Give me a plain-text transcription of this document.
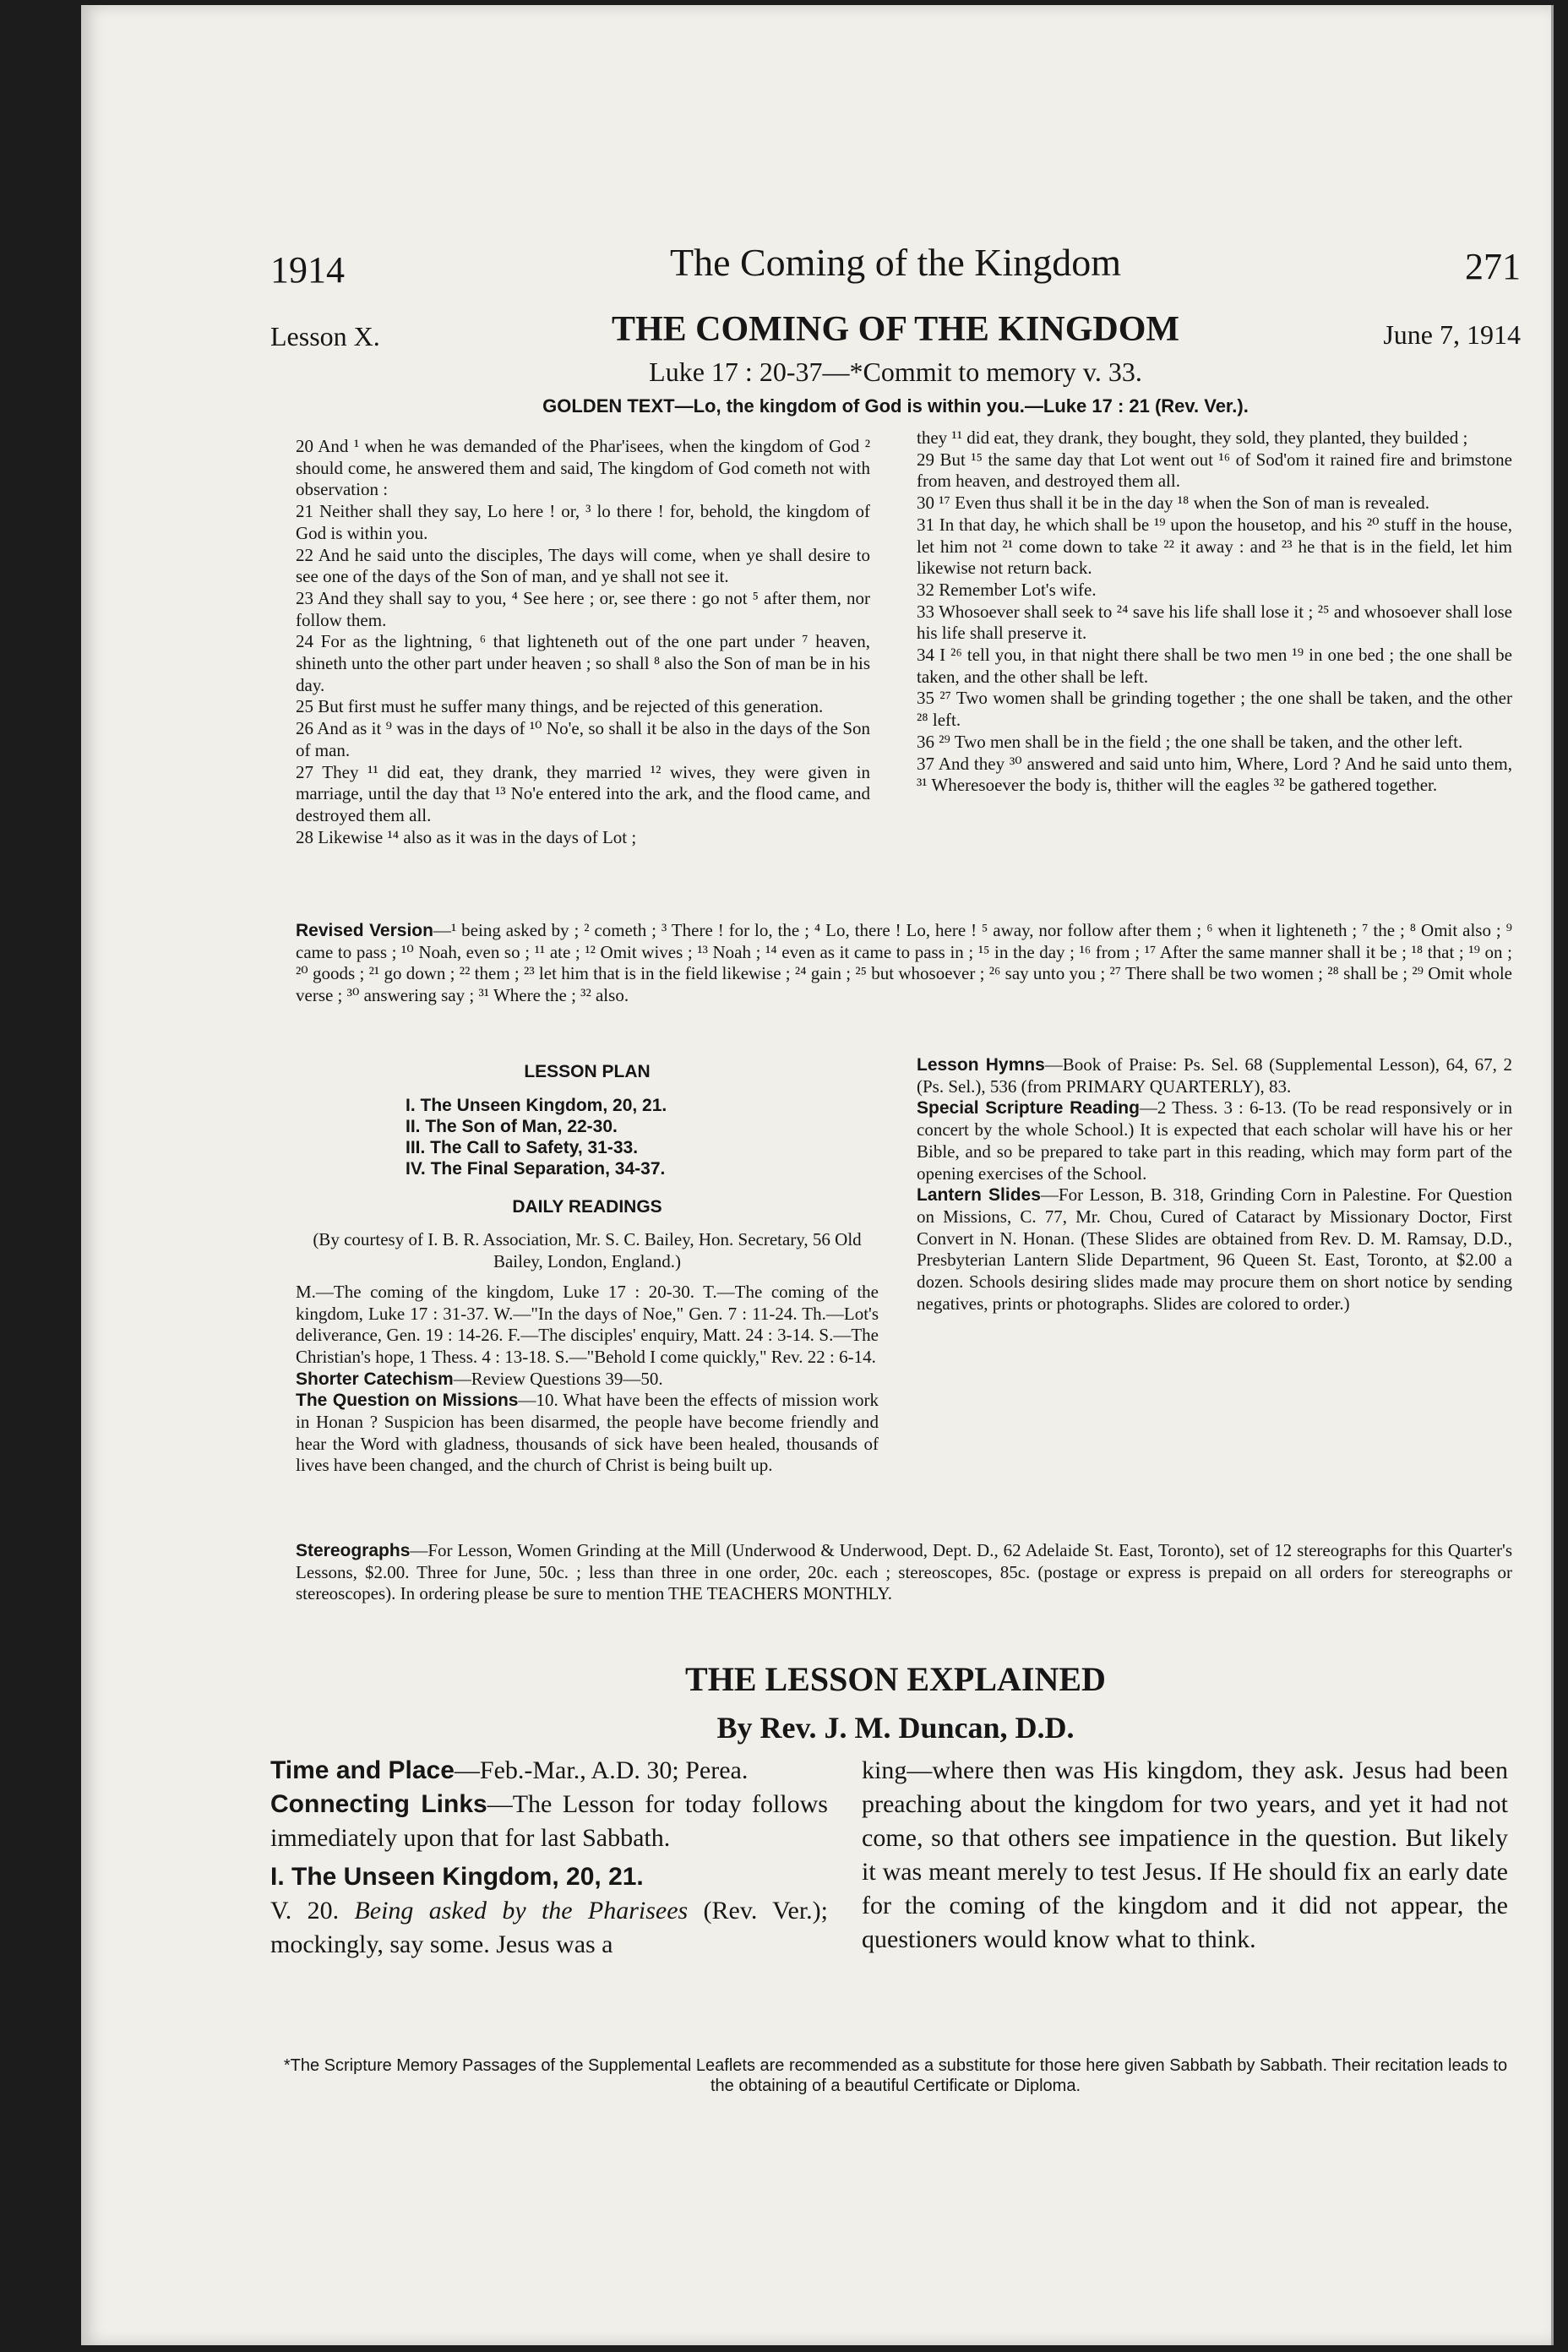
1914	The Coming of the Kingdom	271
Lesson X.	THE COMING OF THE KINGDOM	June 7, 1914
Luke 17 : 20-37—*Commit to memory v. 33.
GOLDEN TEXT—Lo, the kingdom of God is within you.—Luke 17 : 21 (Rev. Ver.).

20 And ¹ when he was demanded of the Phar'isees, when the kingdom of God ² should come, he answered them and said, The kingdom of God cometh not with observation :

21 Neither shall they say, Lo here ! or, ³ lo there ! for, behold, the kingdom of God is within you.

22 And he said unto the disciples, The days will come, when ye shall desire to see one of the days of the Son of man, and ye shall not see it.

23 And they shall say to you, ⁴ See here ; or, see there : go not ⁵ after them, nor follow them.

24 For as the lightning, ⁶ that lighteneth out of the one part under ⁷ heaven, shineth unto the other part under heaven ; so shall ⁸ also the Son of man be in his day.

25 But first must he suffer many things, and be rejected of this generation.

26 And as it ⁹ was in the days of ¹⁰ No'e, so shall it be also in the days of the Son of man.

27 They ¹¹ did eat, they drank, they married ¹² wives, they were given in marriage, until the day that ¹³ No'e entered into the ark, and the flood came, and destroyed them all.

28 Likewise ¹⁴ also as it was in the days of Lot ;

they ¹¹ did eat, they drank, they bought, they sold, they planted, they builded ;

29 But ¹⁵ the same day that Lot went out ¹⁶ of Sod'om it rained fire and brimstone from heaven, and destroyed them all.

30 ¹⁷ Even thus shall it be in the day ¹⁸ when the Son of man is revealed.

31 In that day, he which shall be ¹⁹ upon the housetop, and his ²⁰ stuff in the house, let him not ²¹ come down to take ²² it away : and ²³ he that is in the field, let him likewise not return back.

32 Remember Lot's wife.

33 Whosoever shall seek to ²⁴ save his life shall lose it ; ²⁵ and whosoever shall lose his life shall preserve it.

34 I ²⁶ tell you, in that night there shall be two men ¹⁹ in one bed ; the one shall be taken, and the other shall be left.

35 ²⁷ Two women shall be grinding together ; the one shall be taken, and the other ²⁸ left.

36 ²⁹ Two men shall be in the field ; the one shall be taken, and the other left.

37 And they ³⁰ answered and said unto him, Where, Lord ? And he said unto them, ³¹ Wheresoever the body is, thither will the eagles ³² be gathered together.

Revised Version—¹ being asked by ; ² cometh ; ³ There ! for lo, the ; ⁴ Lo, there ! Lo, here ! ⁵ away, nor follow after them ; ⁶ when it lighteneth ; ⁷ the ; ⁸ Omit also ; ⁹ came to pass ; ¹⁰ Noah, even so ; ¹¹ ate ; ¹² Omit wives ; ¹³ Noah ; ¹⁴ even as it came to pass in ; ¹⁵ in the day ; ¹⁶ from ; ¹⁷ After the same manner shall it be ; ¹⁸ that ; ¹⁹ on ; ²⁰ goods ; ²¹ go down ; ²² them ; ²³ let him that is in the field likewise ; ²⁴ gain ; ²⁵ but whosoever ; ²⁶ say unto you ; ²⁷ There shall be two women ; ²⁸ shall be ; ²⁹ Omit whole verse ; ³⁰ answering say ; ³¹ Where the ; ³² also.
LESSON PLAN
I. The Unseen Kingdom, 20, 21.
II. The Son of Man, 22-30.
III. The Call to Safety, 31-33.
IV. The Final Separation, 34-37.
DAILY READINGS

(By courtesy of I. B. R. Association, Mr. S. C. Bailey, Hon. Secretary, 56 Old Bailey, London, England.)

M.—The coming of the kingdom, Luke 17 : 20-30. T.—The coming of the kingdom, Luke 17 : 31-37. W.—"In the days of Noe," Gen. 7 : 11-24. Th.—Lot's deliverance, Gen. 19 : 14-26. F.—The disciples' enquiry, Matt. 24 : 3-14. S.—The Christian's hope, 1 Thess. 4 : 13-18. S.—"Behold I come quickly," Rev. 22 : 6-14.

Shorter Catechism—Review Questions 39—50.

The Question on Missions—10. What have been the effects of mission work in Honan ? Suspicion has been disarmed, the people have become friendly and hear the Word with gladness, thousands of sick have been healed, thousands of lives have been changed, and the church of Christ is being built up.

Lesson Hymns—Book of Praise: Ps. Sel. 68 (Supplemental Lesson), 64, 67, 2 (Ps. Sel.), 536 (from PRIMARY QUARTERLY), 83.

Special Scripture Reading—2 Thess. 3 : 6-13. (To be read responsively or in concert by the whole School.) It is expected that each scholar will have his or her Bible, and so be prepared to take part in this reading, which may form part of the opening exercises of the School.

Lantern Slides—For Lesson, B. 318, Grinding Corn in Palestine. For Question on Missions, C. 77, Mr. Chou, Cured of Cataract by Missionary Doctor, First Convert in N. Honan. (These Slides are obtained from Rev. D. M. Ramsay, D.D., Presbyterian Lantern Slide Department, 96 Queen St. East, Toronto, at $2.00 a dozen. Schools desiring slides made may procure them on short notice by sending negatives, prints or photographs. Slides are colored to order.)

Stereographs—For Lesson, Women Grinding at the Mill (Underwood & Underwood, Dept. D., 62 Adelaide St. East, Toronto), set of 12 stereographs for this Quarter's Lessons, $2.00. Three for June, 50c. ; less than three in one order, 20c. each ; stereoscopes, 85c. (postage or express is prepaid on all orders for stereographs or stereoscopes). In ordering please be sure to mention THE TEACHERS MONTHLY.
THE LESSON EXPLAINED
By Rev. J. M. Duncan, D.D.

Time and Place—Feb.-Mar., A.D. 30; Perea.

Connecting Links—The Lesson for today follows immediately upon that for last Sabbath.

I. The Unseen Kingdom, 20, 21.

V. 20. Being asked by the Pharisees (Rev. Ver.); mockingly, say some. Jesus was a

king—where then was His kingdom, they ask. Jesus had been preaching about the kingdom for two years, and yet it had not come, so that others see impatience in the question. But likely it was meant merely to test Jesus. If He should fix an early date for the coming of the kingdom and it did not appear, the questioners would know what to think.

*The Scripture Memory Passages of the Supplemental Leaflets are recommended as a substitute for those here given Sabbath by Sabbath. Their recitation leads to the obtaining of a beautiful Certificate or Diploma.
